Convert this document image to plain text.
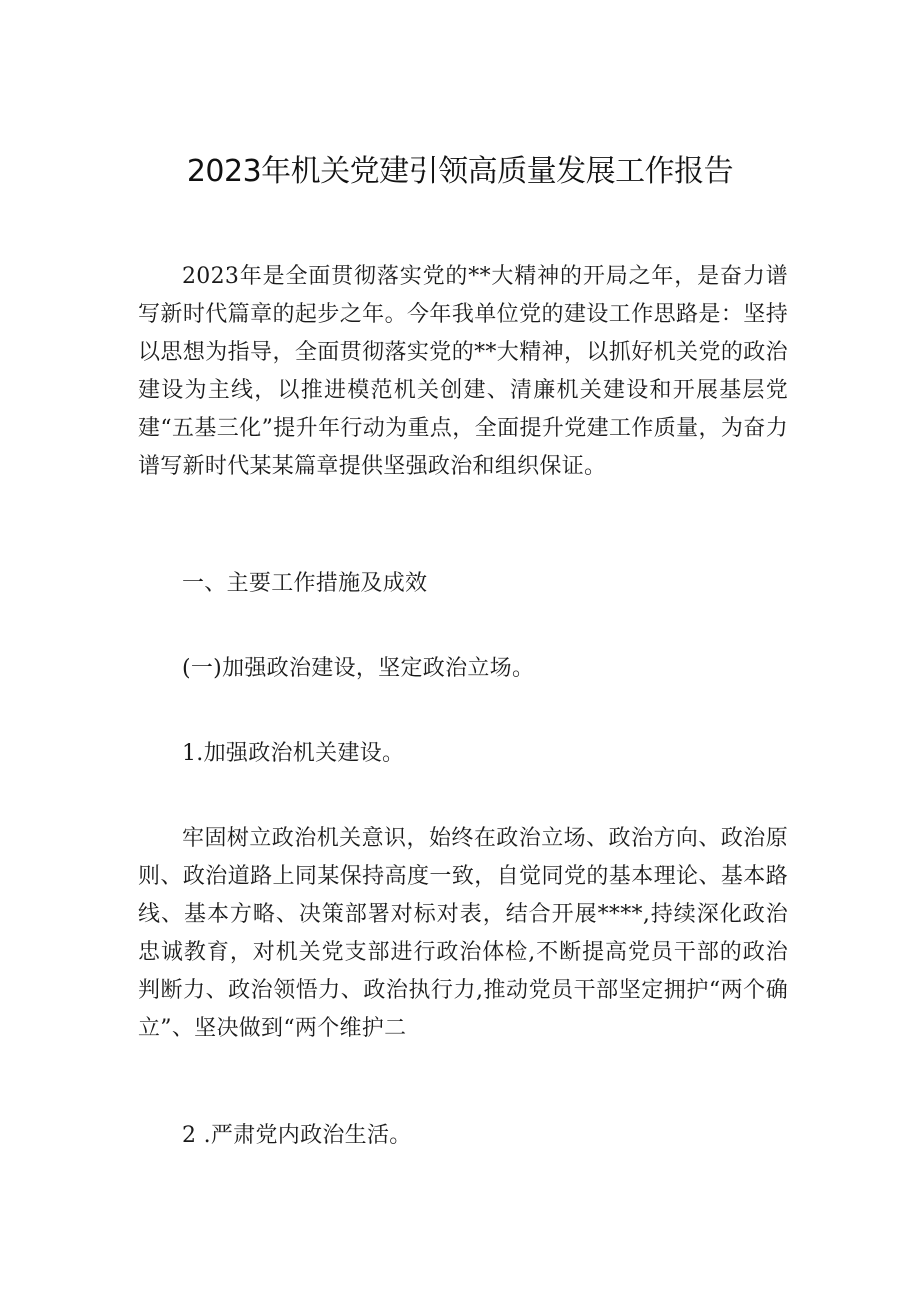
2023年机关党建引领高质量发展工作报告

2023年是全面贯彻落实党的**大精神的开局之年，是奋力谱写新时代篇章的起步之年。今年我单位党的建设工作思路是：坚持以思想为指导，全面贯彻落实党的**大精神，以抓好机关党的政治建设为主线，以推进模范机关创建、清廉机关建设和开展基层党建“五基三化”提升年行动为重点，全面提升党建工作质量，为奋力谱写新时代某某篇章提供坚强政治和组织保证。

一、主要工作措施及成效

(一)加强政治建设，坚定政治立场。

1.加强政治机关建设。

牢固树立政治机关意识，始终在政治立场、政治方向、政治原则、政治道路上同某保持高度一致，自觉同党的基本理论、基本路线、基本方略、决策部署对标对表，结合开展****,持续深化政治忠诚教育，对机关党支部进行政治体检,不断提高党员干部的政治判断力、政治领悟力、政治执行力,推动党员干部坚定拥护“两个确立”、坚决做到“两个维护二

2 .严肃党内政治生活。
